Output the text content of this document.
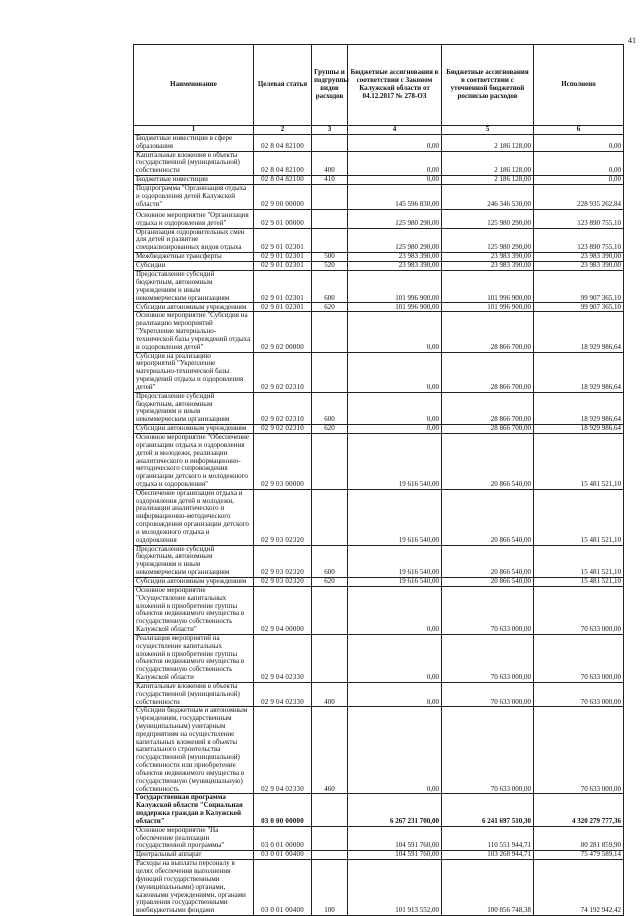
41
Наименование	Целевая статья	Группы и подгруппы видов расходов	Бюджетные ассигнования в соответствии с Законом Калужской области от 04.12.2017 № 278-ОЗ	Бюджетные ассигнования в соответствии с уточненной бюджетной росписью расходов	Исполнено
1	2	3	4	5	6
Бюджетные инвестиции в сфере образования	02 8 04 82100		0,00	2 186 128,00	0,00
Капитальные вложения в объекты государственной (муниципальной) собственности	02 8 04 82100	400	0,00	2 186 128,00	0,00
Бюджетные инвестиции	02 8 04 82100	410	0,00	2 186 128,00	0,00
Подпрограмма "Организация отдыха и оздоровления детей Калужской области"	02 9 00 00000		145 596 830,00	246 346 530,00	228 935 262,84
Основное мероприятие "Организация отдыха и оздоровления детей"	02 9 01 00000		125 980 290,00	125 980 290,00	123 890 755,10
Организация оздоровительных смен для детей и развитие специализированных видов отдыха	02 9 01 02301		125 980 290,00	125 980 290,00	123 890 755,10
Межбюджетные трансферты	02 9 01 02301	500	23 983 390,00	23 983 390,00	23 983 390,00
Субсидии	02 9 01 02301	520	23 983 390,00	23 983 390,00	23 983 390,00
Предоставление субсидий бюджетным, автономным учреждениям и иным некоммерческим организациям	02 9 01 02301	600	101 996 900,00	101 996 900,00	99 907 365,10
Субсидии автономным учреждениям	02 9 01 02301	620	101 996 900,00	101 996 900,00	99 907 365,10
Основное мероприятие "Субсидия на реализацию мероприятий "Укрепление материально-технической базы учреждений отдыха и оздоровления детей"	02 9 02 00000		0,00	28 866 700,00	18 929 986,64
Субсидия на реализацию мероприятий "Укрепление материально-технической базы учреждений отдыха и оздоровления детей"	02 9 02 02310		0,00	28 866 700,00	18 929 986,64
Предоставление субсидий бюджетным, автономным учреждениям и иным некоммерческим организациям	02 9 02 02310	600	0,00	28 866 700,00	18 929 986,64
Субсидии автономным учреждениям	02 9 02 02310	620	0,00	28 866 700,00	18 929 986,64
Основное мероприятие "Обеспечение организации отдыха и оздоровления детей и молодежи, реализации аналитического и информационно-методического сопровождения организации детского и молодежного отдыха и оздоровления"	02 9 03 00000		19 616 540,00	20 866 540,00	15 481 521,10
Обеспечение организации отдыха и оздоровления детей и молодежи, реализации аналитического и информационно-методического сопровождения организации детского и молодежного отдыха и оздоровления	02 9 03 02320		19 616 540,00	20 866 540,00	15 481 521,10
Предоставление субсидий бюджетным, автономным учреждениям и иным некоммерческим организациям	02 9 03 02320	600	19 616 540,00	20 866 540,00	15 481 521,10
Субсидии автономным учреждениям	02 9 03 02320	620	19 616 540,00	20 866 540,00	15 481 521,10
Основное мероприятие "Осуществление капитальных вложений в приобретение группы объектов недвижимого имущества в государственную собственность Калужской области"	02 9 04 00000		0,00	70 633 000,00	70 633 000,00
Реализация мероприятий на осуществление капитальных вложений в приобретение группы объектов недвижимого имущества в государственную собственность Калужской области	02 9 04 02330		0,00	70 633 000,00	70 633 000,00
Капитальные вложения в объекты государственной (муниципальной) собственности	02 9 04 02330	400	0,00	70 633 000,00	70 633 000,00
Субсидии бюджетным и автономным учреждениям, государственным (муниципальным) унитарным предприятиям на осуществление капитальных вложений в объекты капитального строительства государственной (муниципальной) собственности или приобретение объектов недвижимого имущества в государственную (муниципальную) собственность	02 9 04 02330	460	0,00	70 633 000,00	70 633 000,00
Государственная программа Калужской области "Социальная поддержка граждан в Калужской области"	03 0 00 00000		6 267 231 700,00	6 241 697 510,30	4 320 279 777,36
Основное мероприятие "На обеспечение реализации государственной программы"	03 0 01 00000		104 591 760,00	110 551 944,71	80 281 859,90
Центральный аппарат	03 0 01 00400		104 591 760,00	103 268 944,71	75 479 589,14
Расходы на выплаты персоналу в целях обеспечения выполнения функций государственными (муниципальными) органами, казенными учреждениями, органами управления государственными внебюджетными фондами	03 0 01 00400	100	101 913 552,00	100 856 748,38	74 192 942,42
